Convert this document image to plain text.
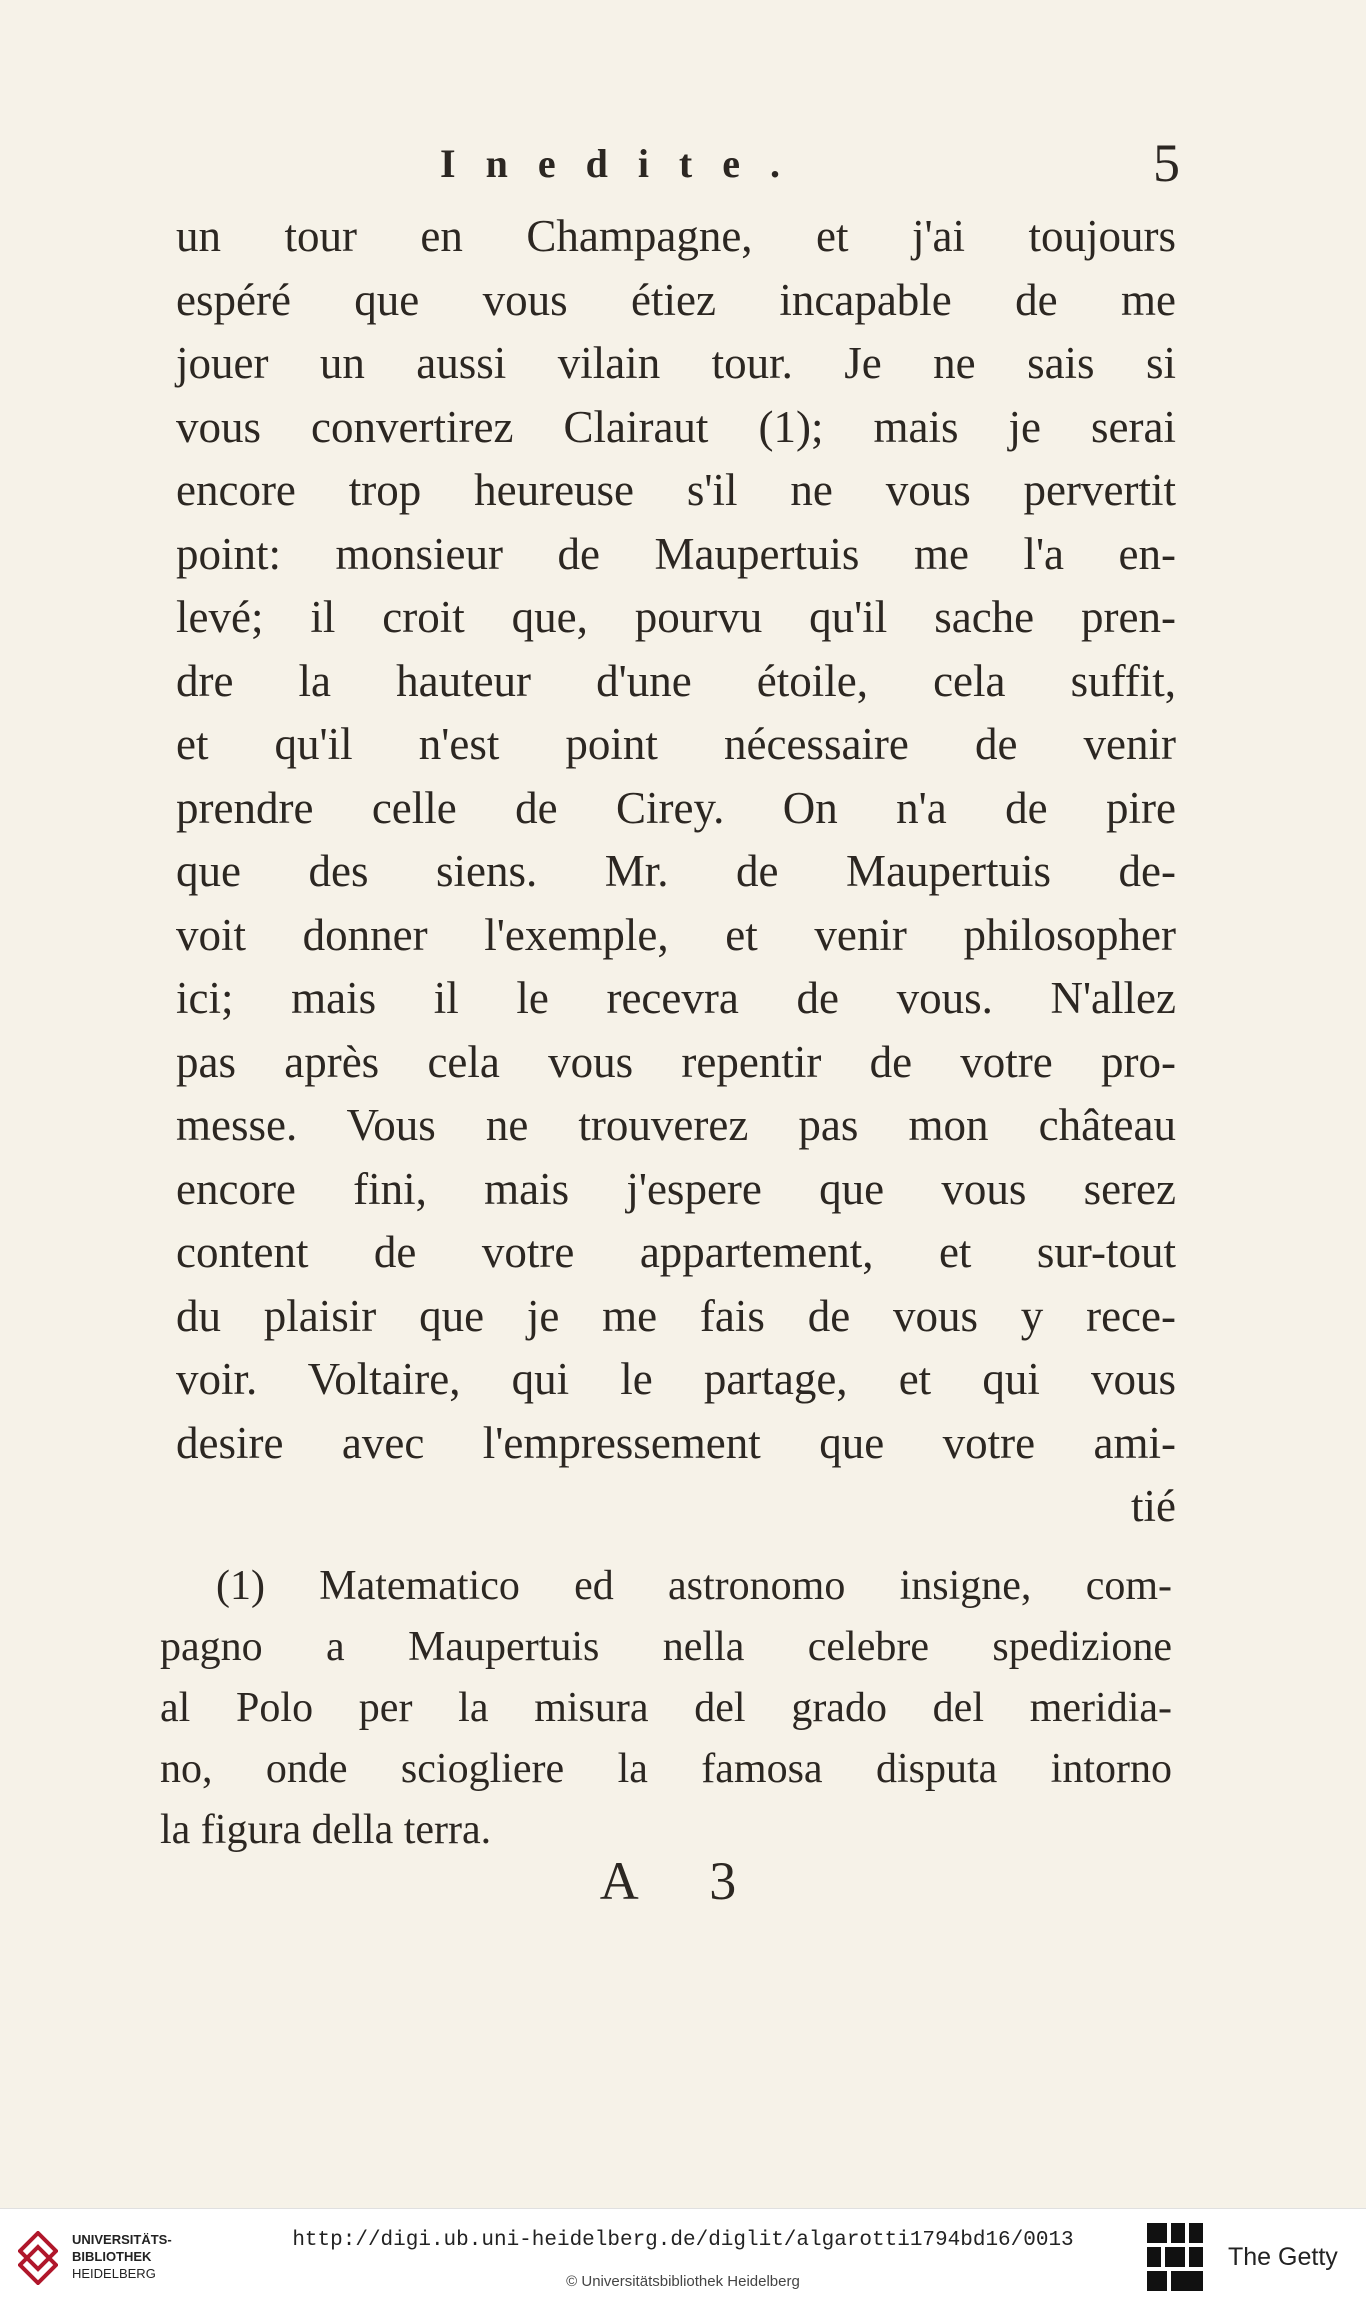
Inedite.	5
un tour en Champagne, et j'ai toujours
espéré que vous étiez incapable de me
jouer un aussi vilain tour. Je ne sais si
vous convertirez Clairaut (1); mais je serai
encore trop heureuse s'il ne vous pervertit
point: monsieur de Maupertuis me l'a en-
levé; il croit que, pourvu qu'il sache pren-
dre la hauteur d'une étoile, cela suffit,
et qu'il n'est point nécessaire de venir
prendre celle de Cirey. On n'a de pire
que des siens. Mr. de Maupertuis de-
voit donner l'exemple, et venir philosopher
ici; mais il le recevra de vous. N'allez
pas après cela vous repentir de votre pro-
messe. Vous ne trouverez pas mon château
encore fini, mais j'espere que vous serez
content de votre appartement, et sur-tout
du plaisir que je me fais de vous y rece-
voir. Voltaire, qui le partage, et qui vous
desire avec l'empressement que votre ami-
tié
(1) Matematico ed astronomo insigne, com-
pagno a Maupertuis nella celebre spedizione
al Polo per la misura del grado del meridia-
no, onde sciogliere la famosa disputa intorno
la figura della terra.
A 3
UNIVERSITÄTS-
BIBLIOTHEK
HEIDELBERG
http://digi.ub.uni-heidelberg.de/diglit/algarotti1794bd16/0013
© Universitätsbibliothek Heidelberg
The Getty
